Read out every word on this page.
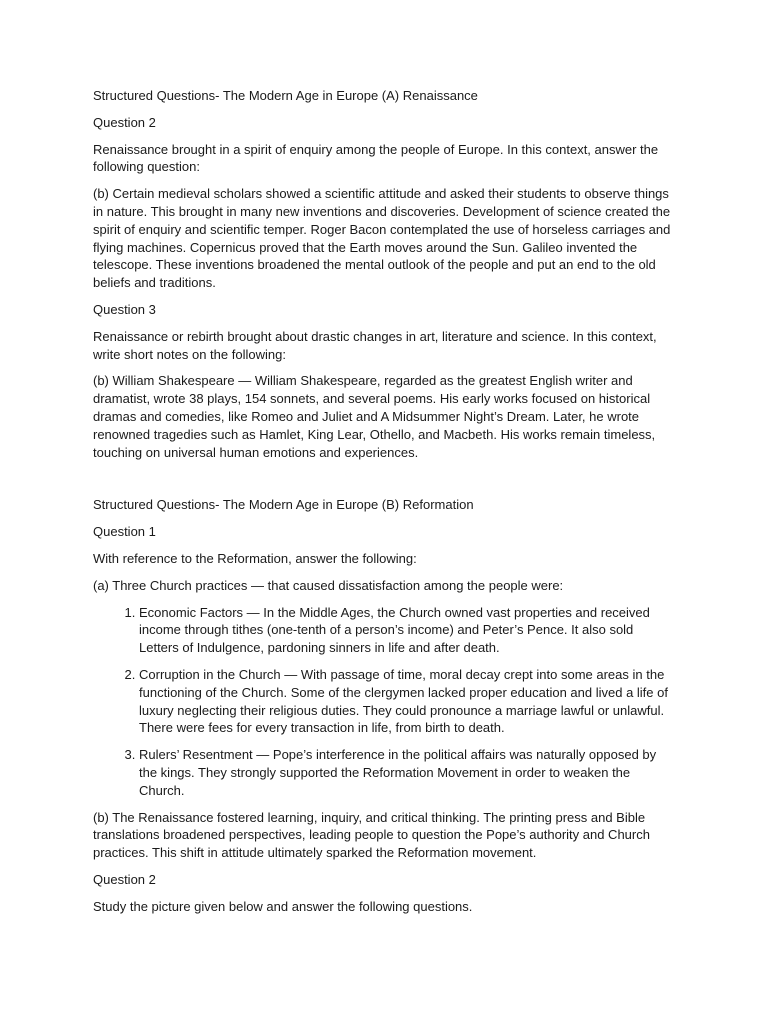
Structured Questions- The Modern Age in Europe (A) Renaissance

Question 2

Renaissance brought in a spirit of enquiry among the people of Europe. In this context, answer the following question:

(b) Certain medieval scholars showed a scientific attitude and asked their students to observe things in nature. This brought in many new inventions and discoveries. Development of science created the spirit of enquiry and scientific temper. Roger Bacon contemplated the use of horseless carriages and flying machines. Copernicus proved that the Earth moves around the Sun. Galileo invented the telescope. These inventions broadened the mental outlook of the people and put an end to the old beliefs and traditions.

Question 3

Renaissance or rebirth brought about drastic changes in art, literature and science. In this context, write short notes on the following:

(b) William Shakespeare — William Shakespeare, regarded as the greatest English writer and dramatist, wrote 38 plays, 154 sonnets, and several poems. His early works focused on historical dramas and comedies, like Romeo and Juliet and A Midsummer Night’s Dream. Later, he wrote renowned tragedies such as Hamlet, King Lear, Othello, and Macbeth. His works remain timeless, touching on universal human emotions and experiences.

Structured Questions- The Modern Age in Europe (B) Reformation

Question 1

With reference to the Reformation, answer the following:

(a) Three Church practices — that caused dissatisfaction among the people were:

1. Economic Factors — In the Middle Ages, the Church owned vast properties and received income through tithes (one-tenth of a person’s income) and Peter’s Pence. It also sold Letters of Indulgence, pardoning sinners in life and after death.
2. Corruption in the Church — With passage of time, moral decay crept into some areas in the functioning of the Church. Some of the clergymen lacked proper education and lived a life of luxury neglecting their religious duties. They could pronounce a marriage lawful or unlawful. There were fees for every transaction in life, from birth to death.
3. Rulers’ Resentment — Pope’s interference in the political affairs was naturally opposed by the kings. They strongly supported the Reformation Movement in order to weaken the Church.

(b) The Renaissance fostered learning, inquiry, and critical thinking. The printing press and Bible translations broadened perspectives, leading people to question the Pope’s authority and Church practices. This shift in attitude ultimately sparked the Reformation movement.

Question 2

Study the picture given below and answer the following questions.
